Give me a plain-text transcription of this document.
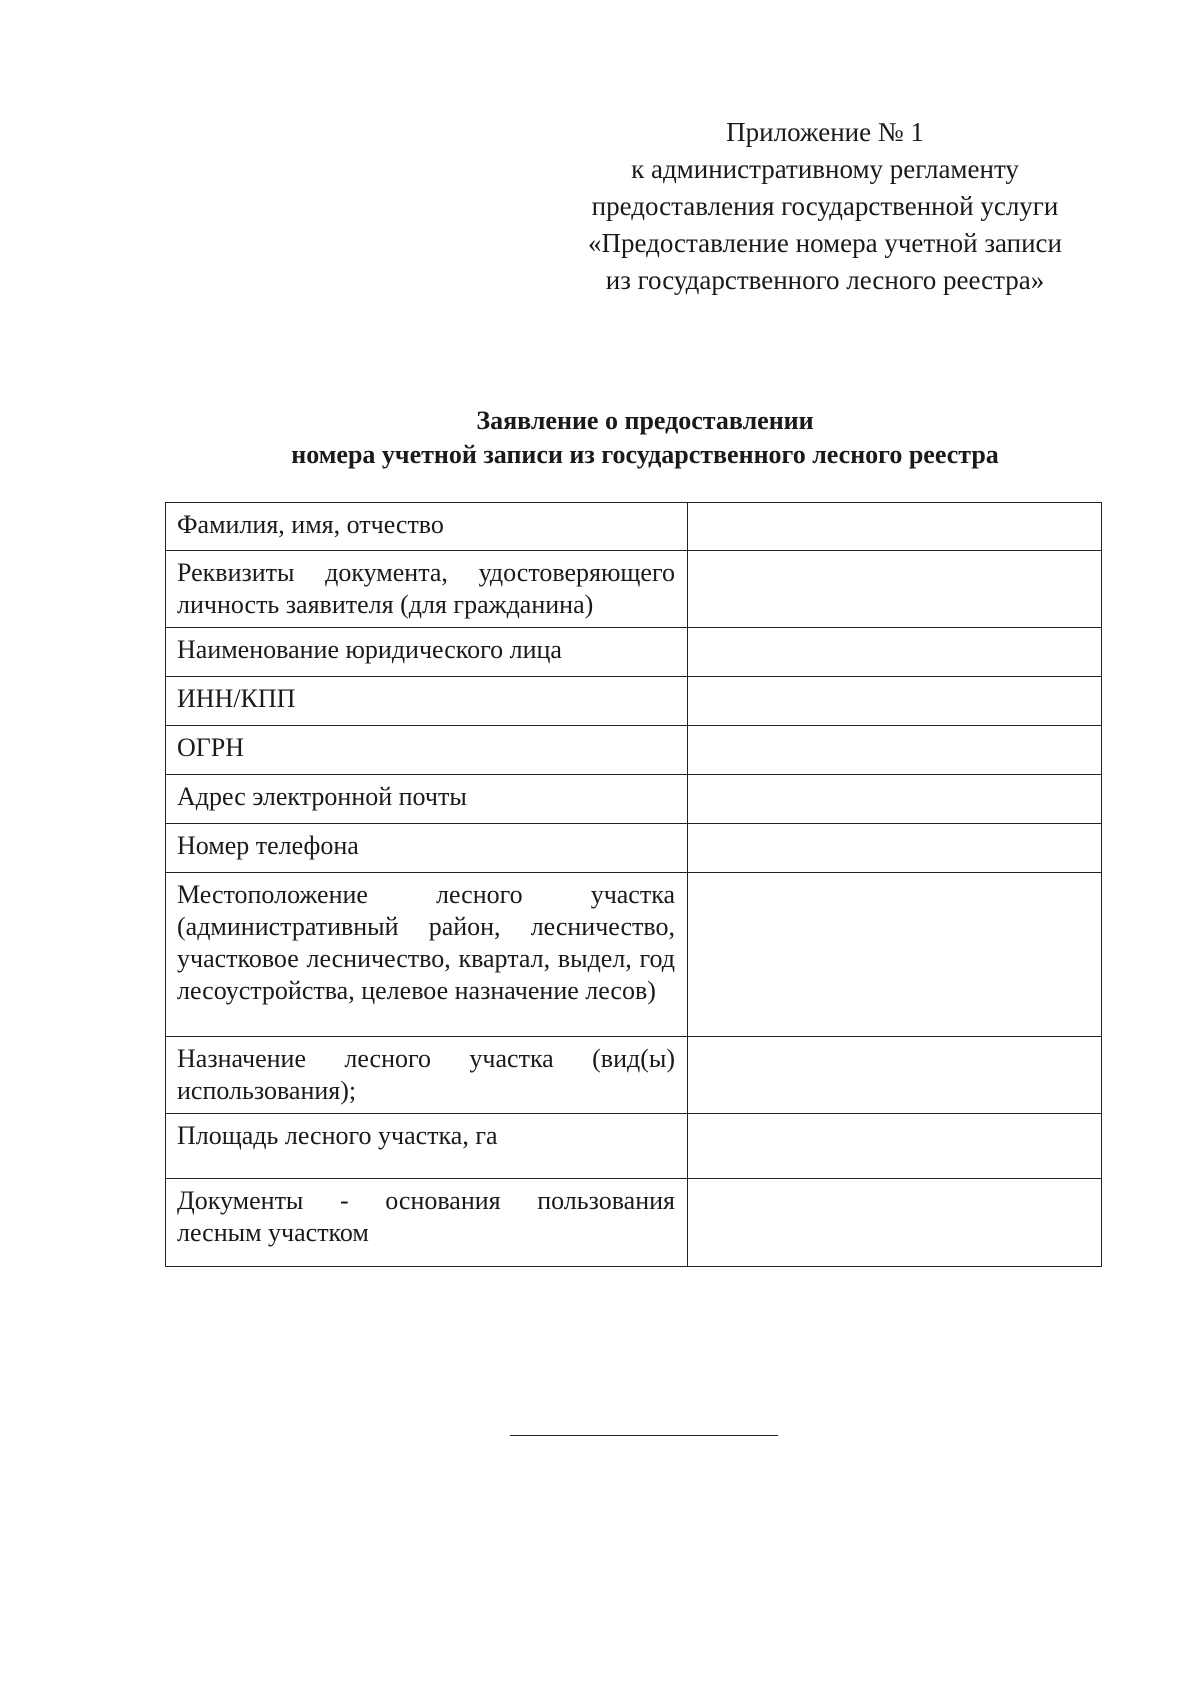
Приложение № 1
к административному регламенту
предоставления государственной услуги
«Предоставление номера учетной записи
из государственного лесного реестра»
Заявление о предоставлении
номера учетной записи из государственного лесного реестра
Фамилия, имя, отчество	
Реквизиты документа, удостоверяющего личность заявителя (для гражданина)	
Наименование юридического лица	
ИНН/КПП	
ОГРН	
Адрес электронной почты	
Номер телефона	
Местоположение лесного участка (административный район, лесничество, участковое лесничество, квартал, выдел, год лесоустройства, целевое назначение лесов)	
Назначение лесного участка (вид(ы) использования);	
Площадь лесного участка, га	
Документы - основания пользования лесным участком	
